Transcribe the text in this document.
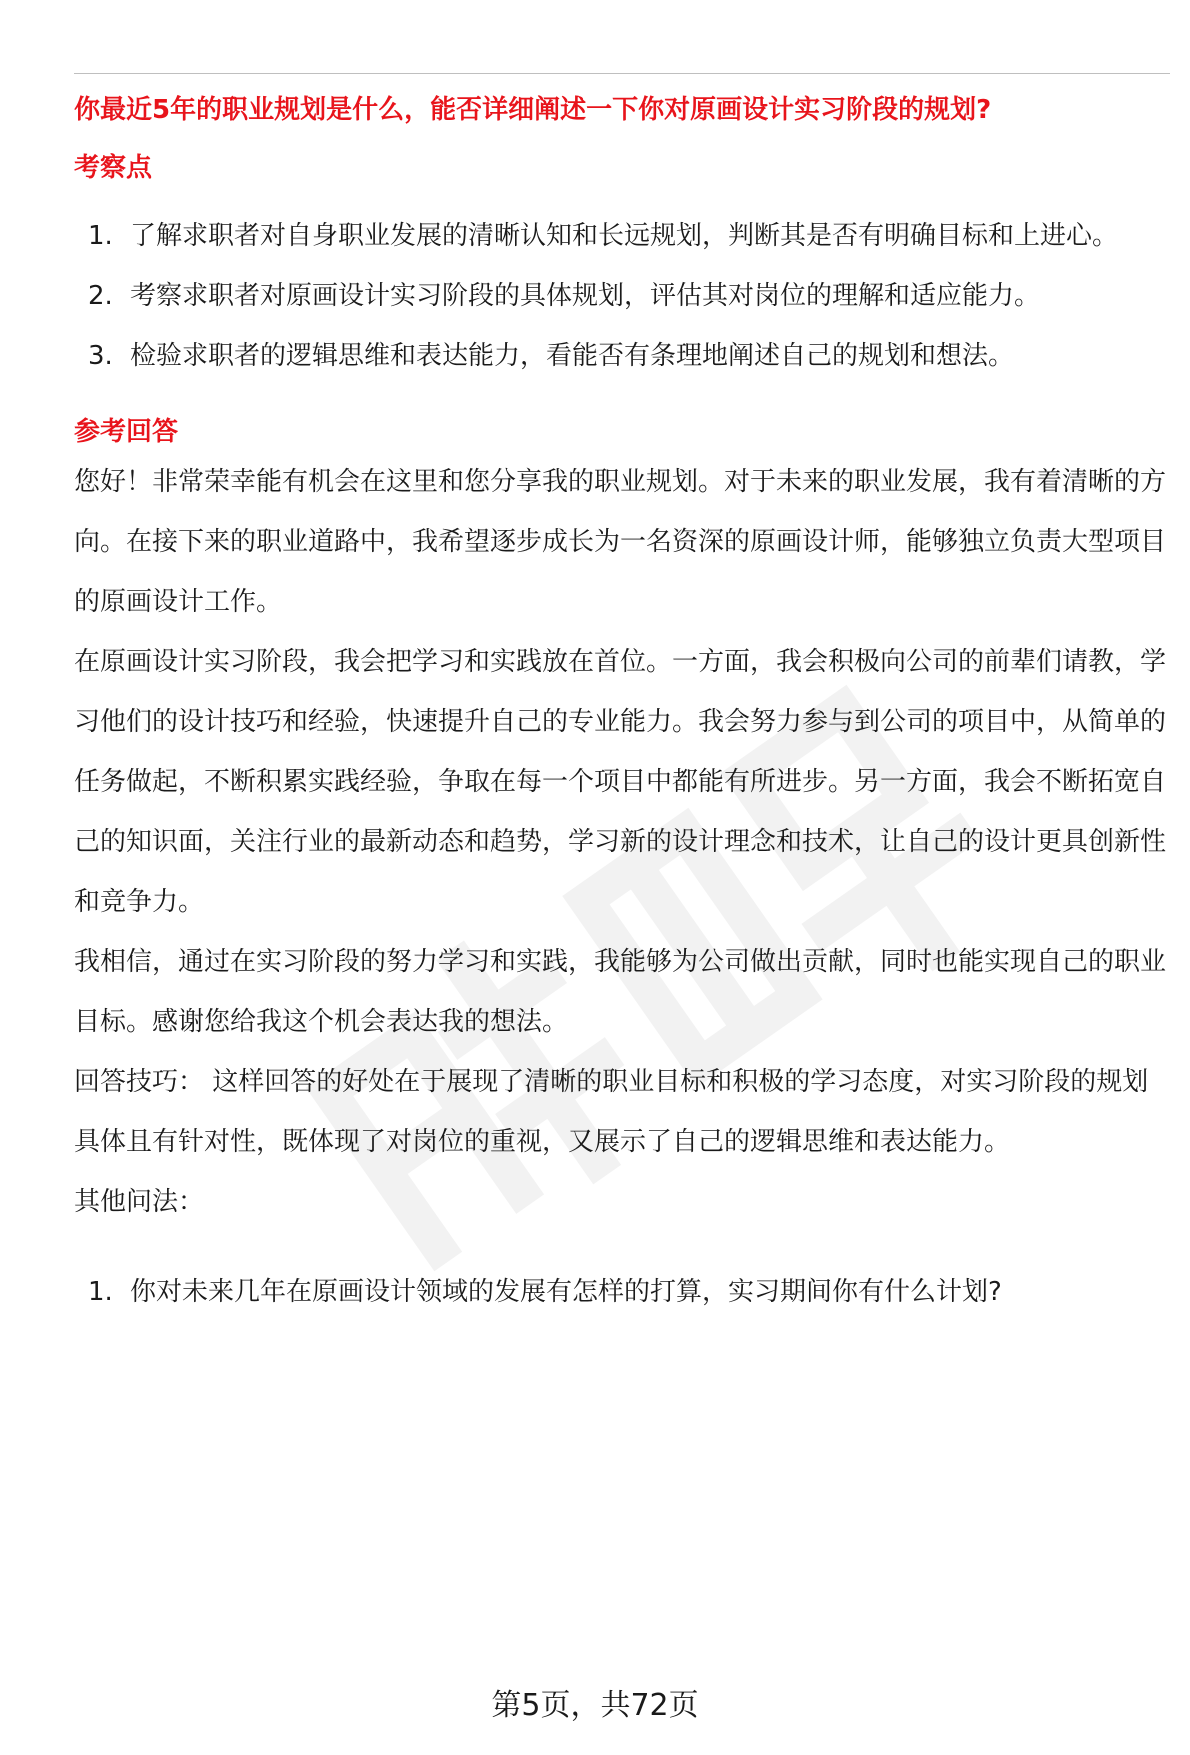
你最近5年的职业规划是什么，能否详细阐述一下你对原画设计实习阶段的规划?
考察点
1. 了解求职者对自身职业发展的清晰认知和长远规划，判断其是否有明确目标和上进心。
2. 考察求职者对原画设计实习阶段的具体规划，评估其对岗位的理解和适应能力。
3. 检验求职者的逻辑思维和表达能力，看能否有条理地阐述自己的规划和想法。
参考回答

您好！非常荣幸能有机会在这里和您分享我的职业规划。对于未来的职业发展，我有着清晰的方向。在接下来的职业道路中，我希望逐步成长为一名资深的原画设计师，能够独立负责大型项目的原画设计工作。

在原画设计实习阶段，我会把学习和实践放在首位。一方面，我会积极向公司的前辈们请教，学习他们的设计技巧和经验，快速提升自己的专业能力。我会努力参与到公司的项目中，从简单的任务做起，不断积累实践经验，争取在每一个项目中都能有所进步。另一方面，我会不断拓宽自己的知识面，关注行业的最新动态和趋势，学习新的设计理念和技术，让自己的设计更具创新性和竞争力。

我相信，通过在实习阶段的努力学习和实践，我能够为公司做出贡献，同时也能实现自己的职业目标。感谢您给我这个机会表达我的想法。

回答技巧： 这样回答的好处在于展现了清晰的职业目标和积极的学习态度，对实习阶段的规划具体且有针对性，既体现了对岗位的重视，又展示了自己的逻辑思维和表达能力。

其他问法：

1. 你对未来几年在原画设计领域的发展有怎样的打算，实习期间你有什么计划?
第5页，共72页
